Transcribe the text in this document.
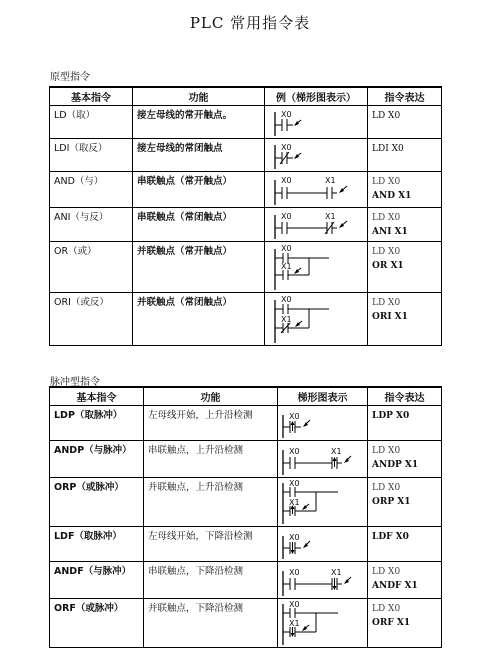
PLC 常用指令表
原型指令
基本指令	功能	例（梯形图表示）	指令表达
LD（取）	接左母线的常开触点。	X0	LD X0

LDI（取反）	接左母线的常闭触点	X0	LDI X0

AND（与）	串联触点（常开触点）	X0 X1	LD X0
AND X1

ANI（与反）	串联触点（常闭触点）	X0 X1	LD X0
ANI X1

OR（或）	并联触点（常开触点）	X0
X1	LD X0
OR X1

ORI（或反）	并联触点（常闭触点）	X0
X1	LD X0
ORI X1
脉冲型指令
基本指令	功能	梯形图表示	指令表达
LDP（取脉冲）	左母线开始，上升沿检测	X0	LDP X0

ANDP（与脉冲）	串联触点，上升沿检测	X0 X1	LD X0
ANDP X1

ORP（或脉冲）	并联触点，上升沿检测	X0
X1	LD X0
ORP X1

LDF（取脉冲）	左母线开始，下降沿检测	X0	LDF X0

ANDF（与脉冲）	串联触点，下降沿检测	X0 X1	LD X0
ANDF X1

ORF（或脉冲）	并联触点，下降沿检测	X0
X1	LD X0
ORF X1
